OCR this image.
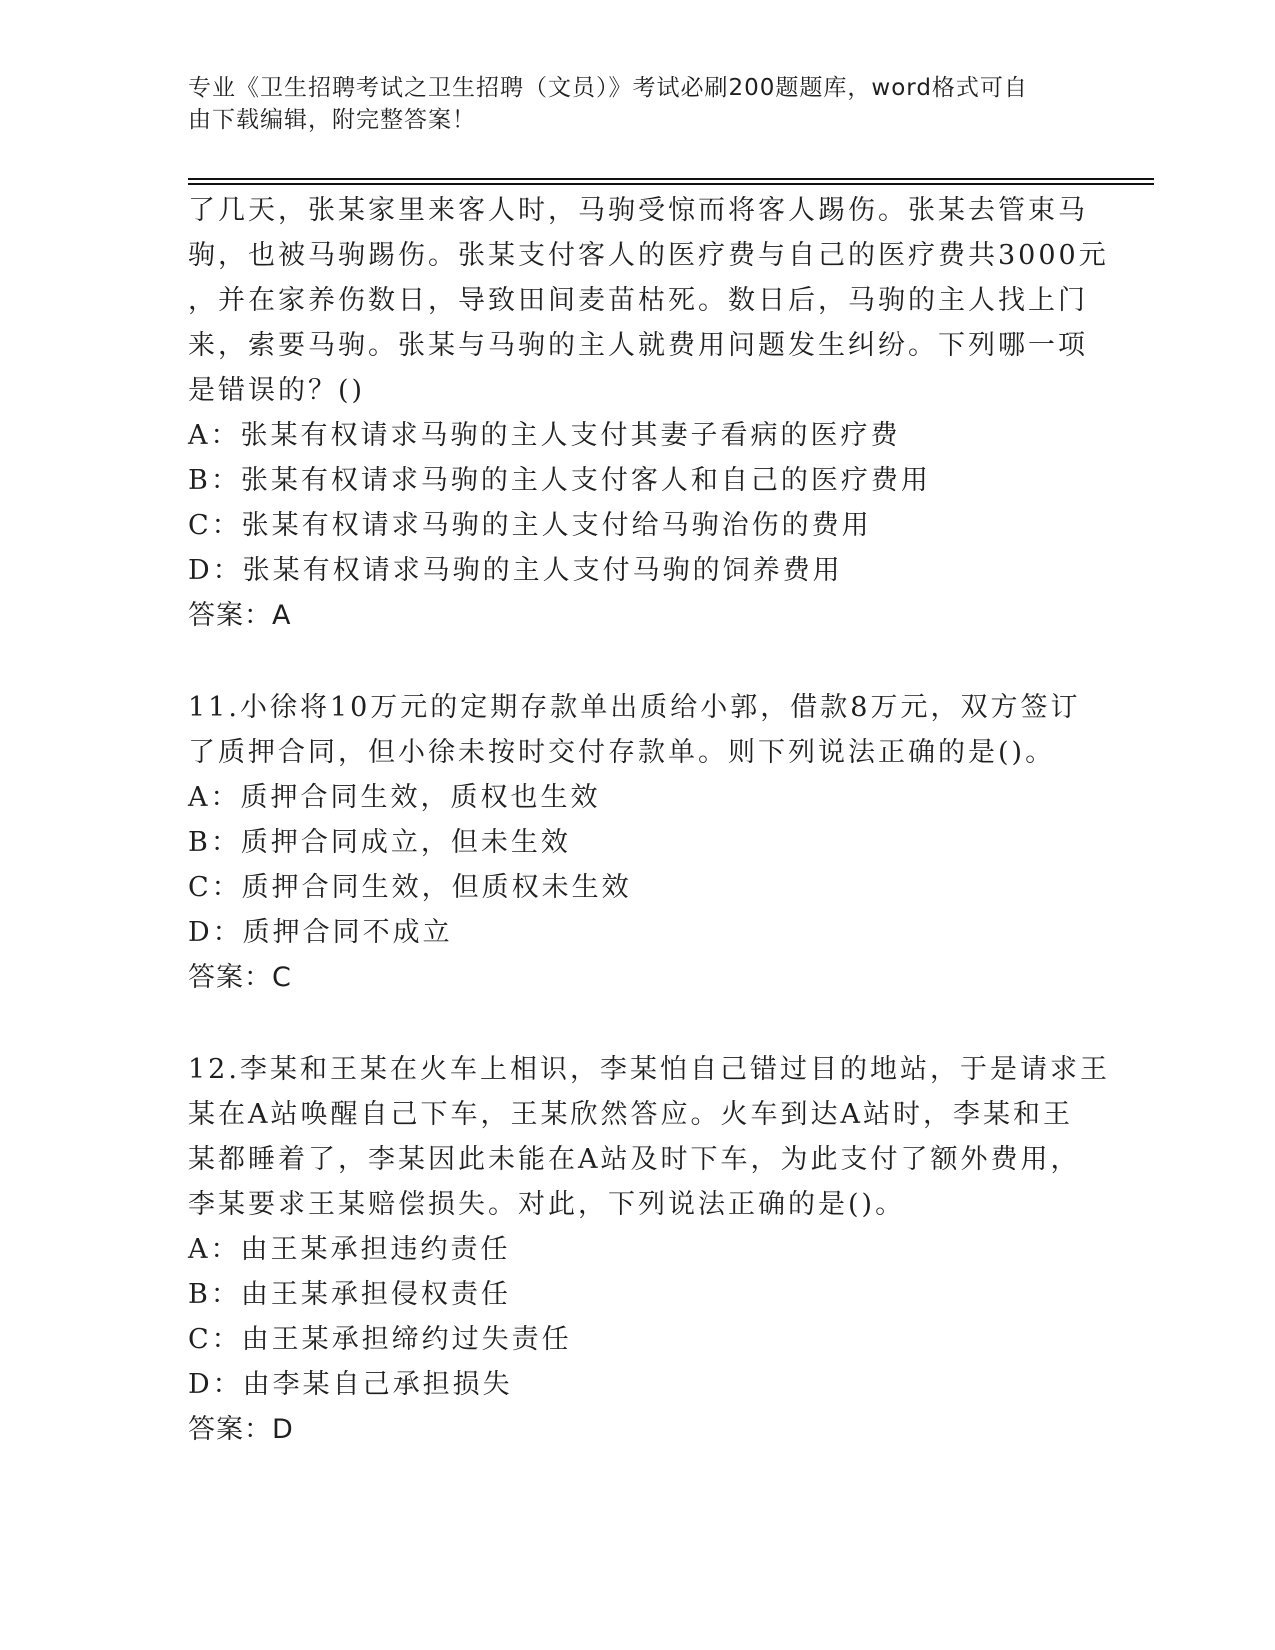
专业《卫生招聘考试之卫生招聘（文员）》考试必刷200题题库，word格式可自
由下载编辑，附完整答案！
了几天，张某家里来客人时，马驹受惊而将客人踢伤。张某去管束马
驹，也被马驹踢伤。张某支付客人的医疗费与自己的医疗费共3000元
，并在家养伤数日，导致田间麦苗枯死。数日后，马驹的主人找上门
来，索要马驹。张某与马驹的主人就费用问题发生纠纷。下列哪一项
是错误的？()
A：张某有权请求马驹的主人支付其妻子看病的医疗费
B：张某有权请求马驹的主人支付客人和自己的医疗费用
C：张某有权请求马驹的主人支付给马驹治伤的费用
D：张某有权请求马驹的主人支付马驹的饲养费用
答案：A
11.小徐将10万元的定期存款单出质给小郭，借款8万元，双方签订
了质押合同，但小徐未按时交付存款单。则下列说法正确的是()。
A：质押合同生效，质权也生效
B：质押合同成立，但未生效
C：质押合同生效，但质权未生效
D：质押合同不成立
答案：C
12.李某和王某在火车上相识，李某怕自己错过目的地站，于是请求王
某在A站唤醒自己下车，王某欣然答应。火车到达A站时，李某和王
某都睡着了，李某因此未能在A站及时下车，为此支付了额外费用，
李某要求王某赔偿损失。对此，下列说法正确的是()。
A：由王某承担违约责任
B：由王某承担侵权责任
C：由王某承担缔约过失责任
D：由李某自己承担损失
答案：D
